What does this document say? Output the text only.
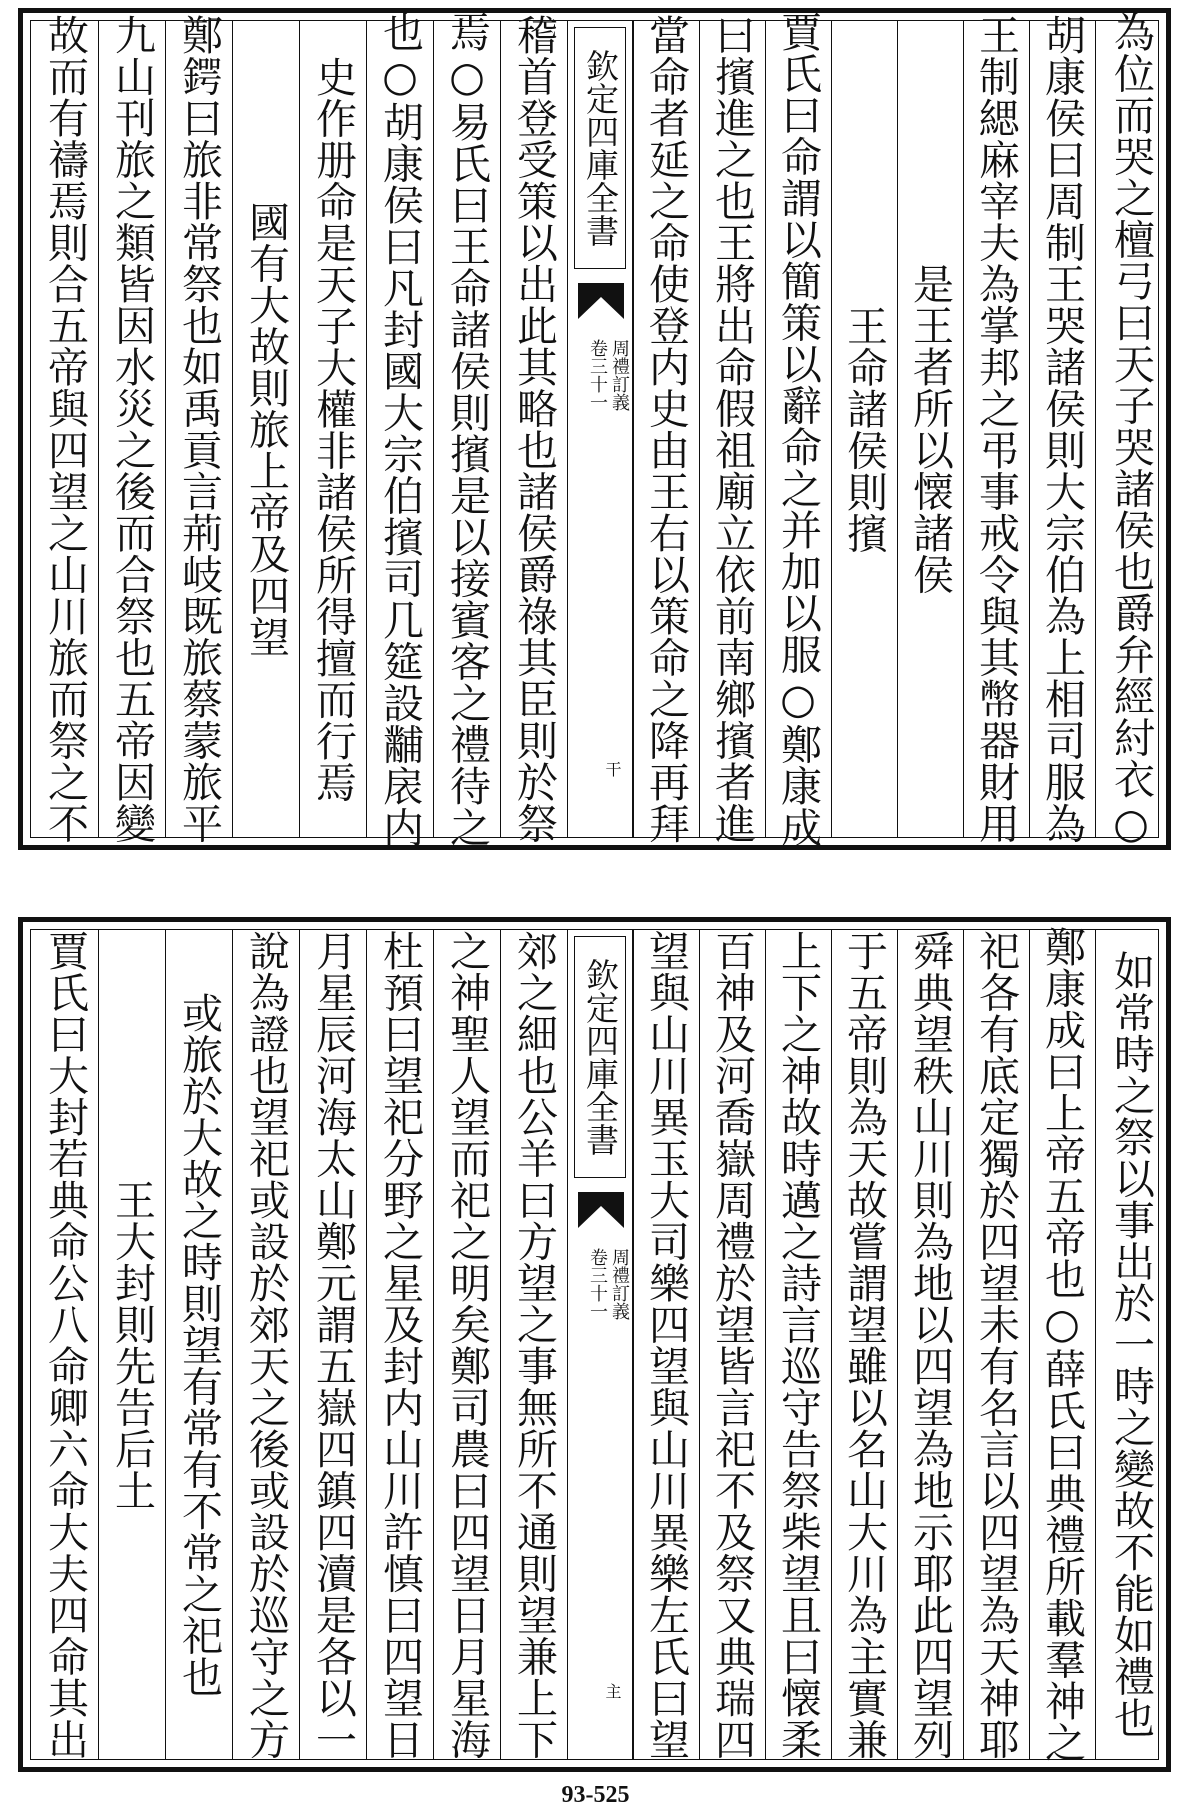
故而有禱焉則合五帝與四望之山川旅而祭之不 九山刊旅之類皆因水災之後而合祭也五帝因變 鄭鍔曰旅非常祭也如禹貢言荊岐既旅蔡蒙旅平 國有大故則旅上帝及四望 史作册命是天子大權非諸侯所得擅而行焉 也○胡康侯曰凡封國大宗伯擯司几筵設黼扆内 焉○易氏曰王命諸侯則擯是以接賓客之禮待之 稽首登受策以出此其略也諸侯爵祿其臣則於祭 欽定四庫全書
周禮訂義
卷三十一
干 當命者延之命使登内史由王右以策命之降再拜 曰擯進之也王將出命假祖廟立依前南鄉擯者進 賈氏曰命謂以簡策以辭命之并加以服○鄭康成 王命諸侯則擯 是王者所以懐諸侯 王制緦麻宰夫為掌邦之弔事戒令與其幣器財用 胡康侯曰周制王哭諸侯則大宗伯為上相司服為 為位而哭之檀弓曰天子哭諸侯也爵弁經紂衣○
賈氏曰大封若典命公八命卿六命大夫四命其出 王大封則先告后土 或旅於大故之時則望有常有不常之祀也 說為證也望祀或設於郊天之後或設於巡守之方 月星辰河海太山鄭元謂五嶽四鎮四瀆是各以一 杜預曰望祀分野之星及封内山川許慎曰四望日 之神聖人望而祀之明矣鄭司農曰四望日月星海 郊之細也公羊曰方望之事無所不通則望兼上下 欽定四庫全書
周禮訂義
卷三十一
主 望與山川異玉大司樂四望與山川異樂左氏曰望 百神及河喬嶽周禮於望皆言祀不及祭又典瑞四 上下之神故時邁之詩言巡守告祭柴望且曰懐柔 于五帝則為天故嘗謂望雖以名山大川為主實兼 舜典望秩山川則為地以四望為地示耶此四望列 祀各有底定獨於四望未有名言以四望為天神耶 鄭康成曰上帝五帝也○薛氏曰典禮所載羣神之 如常時之祭以事出於一時之變故不能如禮也
93-525
